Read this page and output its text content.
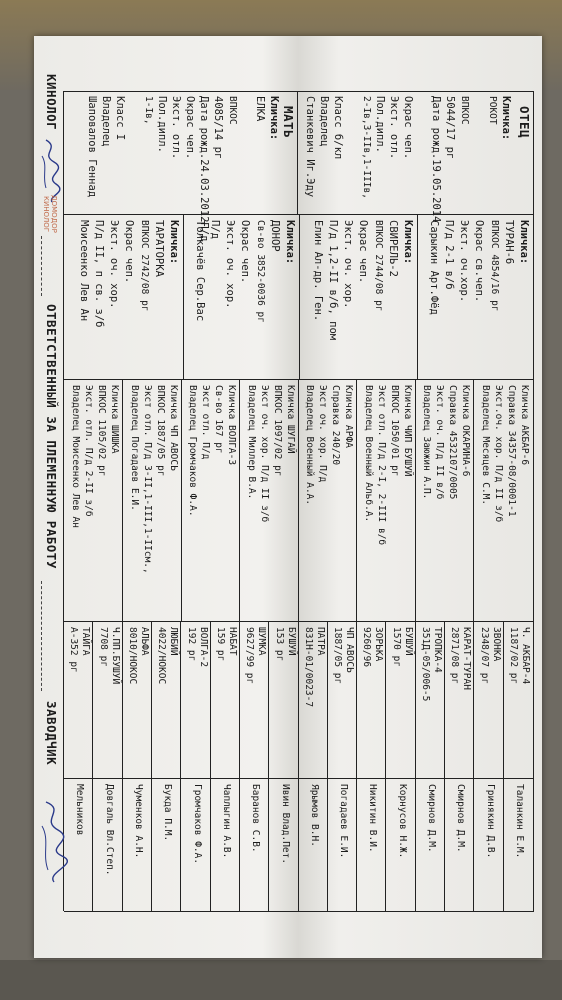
ОТЕЦ
МАТЬ	Кличка:
РОКОТ
ВПКОС
5044/17 рг
Дата рожд.19.05.2014
Окрас чеп.
Экст. отл.
Пол.дипл.
2-Iв,3-IIв,1-IIIв,
Класс б/кл
Владелец
Станкевич Иг.Эду
Кличка:
ЕЛКА
ВПКОС
4085/14 рг
Дата рожд.24.03.2012П/д
Окрас чеп.
Экст. отл.
Пол.дипл.
1-Iв,
Класс I
Владелец
Шаповалов Геннад
Кличка:
ТУРАН-6
ВПКОС 4854/16 рг
Окрас св.чеп.
Экст. оч.хор.
П/д 2-1 в/б
Сарыкин Арт.Фёд
Кличка:
СВИРЕЛЬ-2
ВПКОС 2744/08 рг
Окрас чеп.
Экст. оч. хор.
П/д 1,2-II в/б, пом
Елин Ал-др. Ген.
Кличка:
ДОНОР
Св-во 3852-0036 рг
Окрас чеп.
Экст. оч. хор.
П/д
Толкачёв Сер.Вас
Кличка:
ТАРАТОРКА
ВПКОС 2742/08 рг
Окрас чеп.
Экст. оч. хор.
П/д II, п св. з/б
Моисеенко Лев Ан
Кличка АКБАР-6
Справка 34357-08/0001-1
Экст.оч. хор. П/д II з/б
Владелец Месяцев С.М.
Кличка ОКАРИНА-6
Справка 4532107/0005
Экст. оч. П/д II в/б
Владелец Заюжин А.П.
Кличка ЧИП БУШУЙ
ВПКОС 1050/01 рг
Экст отл. П/д 2-I, 2-III в/б
Владелец Военный Альб.А.
Кличка АРФА
Справка 240/20
Экст оч. хор. П/д
Владелец Военный А.А.
Кличка ШУГАЙ
ВПКОС 1097/02 рг
Экст оч. хор. П/д II з/б
Владелец Миллер В.А.
Кличка ВОЛГА-3
Св-во 167 рг
Экст отл. П/д
Владелец Громчаков Ф.А.
Кличка ЧП АВОСЬ
ВПКОС 1887/05 рг
Экст отл. П/д 3-II,1-III,1-IIсм.,
Владелец Погадаев Е.И.
Кличка ШИШКА
ВПКОС 1105/02 рг
Экст. отл. П/д 2-II з/б
Владелец Моисеенко Лев Ан
Ч. АКБАР-4
1187/02 рг
Таланкин Е.М.
ЗВОНКА
2348/07 рг
Гринякин Д.В.
КАРАТ-ТУРАН
2871/08 рг
Смирнов Д.М.
ТРОПКА-4
351Д-05/006-5
Смирнов Д.М.
БУШУЙ
1570 рг
Корнусов Н.Ж.
ЗОРЬКА
9260/96
Никитин В.И.
ЧП АВОСЬ
1887/05 рг
Погадаев Е.И.
ПАТРА
831Н-01/0023-7
Ярымов В.Н.
БУШУЙ
153 рг
Ивин Влад.Пет.
ШУМКА
9627/99 рг
Баранов С.В.
НАБАТ
159 рг
Чаплыгин А.В.
ВОЛГА-2
192 рг
Громчаков Ф.А.
ЛЮБИЙ
4022/НОКОС
Букда П.М.
АЛЬФА
8010/НОКОС
Чуменков А.Н.
Ч.ПП.БУШУЙ
7708 рг
Довгаль Вл.Степ.
ТАЙГА
А-352 рг
Мельников
КИНОЛОГ
ДОМОДОР
КИНОЛОГ
ОТВЕТСТВЕННЫЙ ЗА ПЛЕМЕННУЮ РАБОТУ
ЗАВОДЧИК
